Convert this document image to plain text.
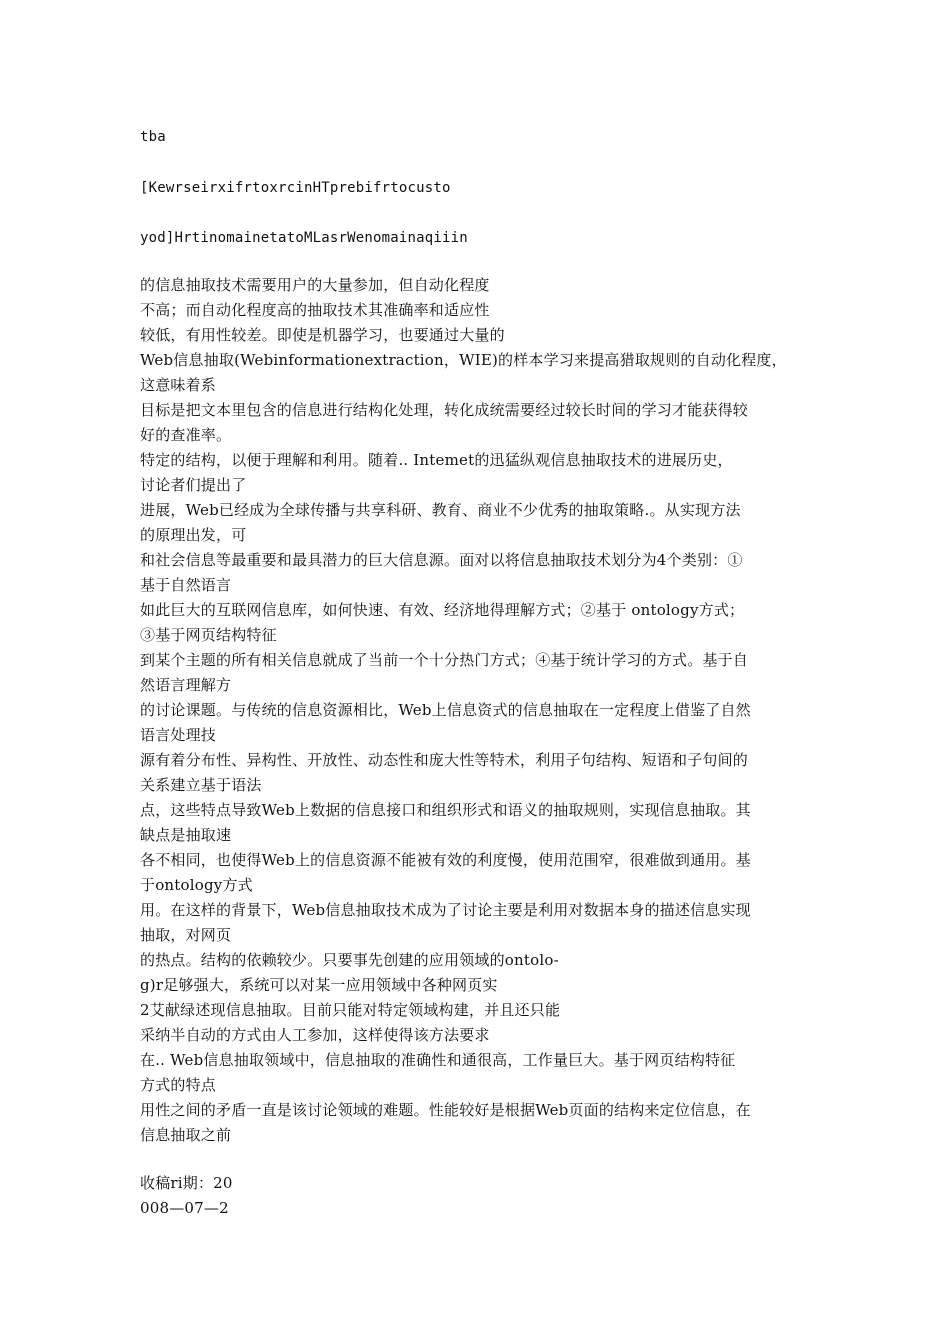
tba
[KewrseirxifrtoxrcinHTprebifrtocusto
yod]HrtinomainetatoMLasrWenomainaqiiin
的信息抽取技术需要用户的大量参加，但自动化程度
不高；而自动化程度高的抽取技术其准确率和适应性
较低，有用性较差。即使是机器学习，也要通过大量的
Web信息抽取(Webinformationextraction，WIE)的样本学习来提高猎取规则的自动化程度，
这意味着系
目标是把文本里包含的信息进行结构化处理，转化成统需要经过较长时间的学习才能获得较
好的查准率。
特定的结构，以便于理解和利用。随着.. Intemet的迅猛纵观信息抽取技术的进展历史，
讨论者们提出了
进展，Web已经成为全球传播与共享科研、教育、商业不少优秀的抽取策略.。从实现方法
的原理出发，可
和社会信息等最重要和最具潜力的巨大信息源。面对以将信息抽取技术划分为4个类别：①
基于自然语言
如此巨大的互联网信息库，如何快速、有效、经济地得理解方式；②基于 ontology方式；
③基于网页结构特征
到某个主题的所有相关信息就成了当前一个十分热门方式；④基于统计学习的方式。基于自
然语言理解方
的讨论课题。与传统的信息资源相比，Web上信息资式的信息抽取在一定程度上借鉴了自然
语言处理技
源有着分布性、异构性、开放性、动态性和庞大性等特术，利用子句结构、短语和子句间的
关系建立基于语法
点，这些特点导致Web上数据的信息接口和组织形式和语义的抽取规则，实现信息抽取。其
缺点是抽取速
各不相同，也使得Web上的信息资源不能被有效的利度慢，使用范围窄，很难做到通用。基
于ontology方式
用。在这样的背景下，Web信息抽取技术成为了讨论主要是利用对数据本身的描述信息实现
抽取，对网页
的热点。结构的依赖较少。只要事先创建的应用领域的ontolo-
g)r足够强大，系统可以对某一应用领域中各种网页实
2艾献绿述现信息抽取。目前只能对特定领域构建，并且还只能
采纳半自动的方式由人工参加，这样使得该方法要求
在.. Web信息抽取领域中，信息抽取的准确性和通很高，工作量巨大。基于网页结构特征
方式的特点
用性之间的矛盾一直是该讨论领域的难题。性能较好是根据Web页面的结构来定位信息，在
信息抽取之前
收稿ri期：20
008—07—2
